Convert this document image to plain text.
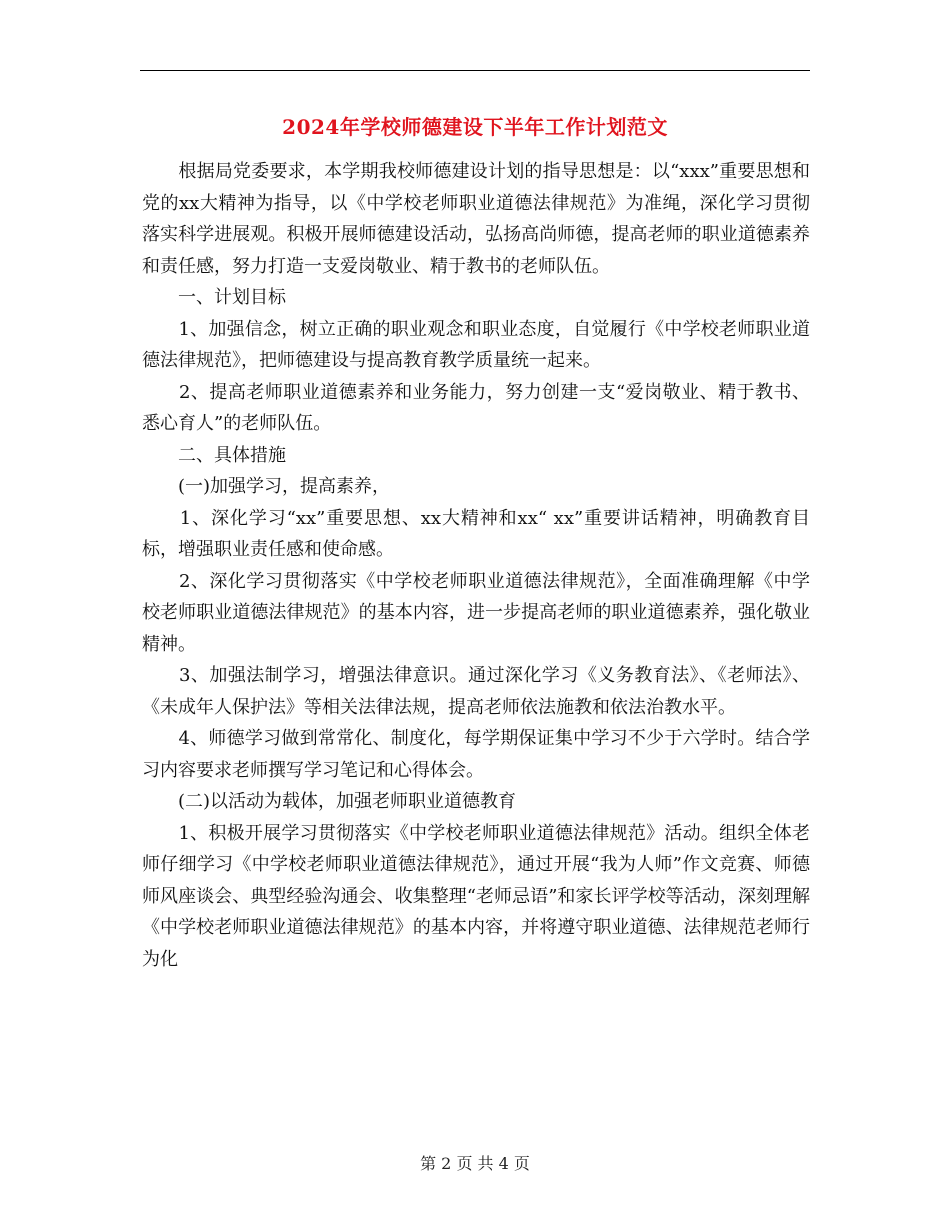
2024年学校师德建设下半年工作计划范文

　　根据局党委要求，本学期我校师德建设计划的指导思想是：以“xxx”重要思想和党的xx大精神为指导，以《中学校老师职业道德法律规范》为准绳，深化学习贯彻落实科学进展观。积极开展师德建设活动，弘扬高尚师德，提高老师的职业道德素养和责任感，努力打造一支爱岗敬业、精于教书的老师队伍。

　　一、计划目标

　　1、加强信念，树立正确的职业观念和职业态度，自觉履行《中学校老师职业道德法律规范》，把师德建设与提高教育教学质量统一起来。

　　2、提高老师职业道德素养和业务能力，努力创建一支“爱岗敬业、精于教书、悉心育人”的老师队伍。

　　二、具体措施

　　(一)加强学习，提高素养，

　　1、深化学习“xx”重要思想、xx大精神和xx“ xx”重要讲话精神，明确教育目标，增强职业责任感和使命感。

　　2、深化学习贯彻落实《中学校老师职业道德法律规范》，全面准确理解《中学校老师职业道德法律规范》的基本内容，进一步提高老师的职业道德素养，强化敬业精神。

　　3、加强法制学习，增强法律意识。通过深化学习《义务教育法》、《老师法》、《未成年人保护法》等相关法律法规，提高老师依法施教和依法治教水平。

　　4、师德学习做到常常化、制度化，每学期保证集中学习不少于六学时。结合学习内容要求老师撰写学习笔记和心得体会。

　　(二)以活动为载体，加强老师职业道德教育

　　1、积极开展学习贯彻落实《中学校老师职业道德法律规范》活动。组织全体老师仔细学习《中学校老师职业道德法律规范》，通过开展“我为人师”作文竞赛、师德师风座谈会、典型经验沟通会、收集整理“老师忌语”和家长评学校等活动，深刻理解《中学校老师职业道德法律规范》的基本内容，并将遵守职业道德、法律规范老师行为化

第 2 页 共 4 页
